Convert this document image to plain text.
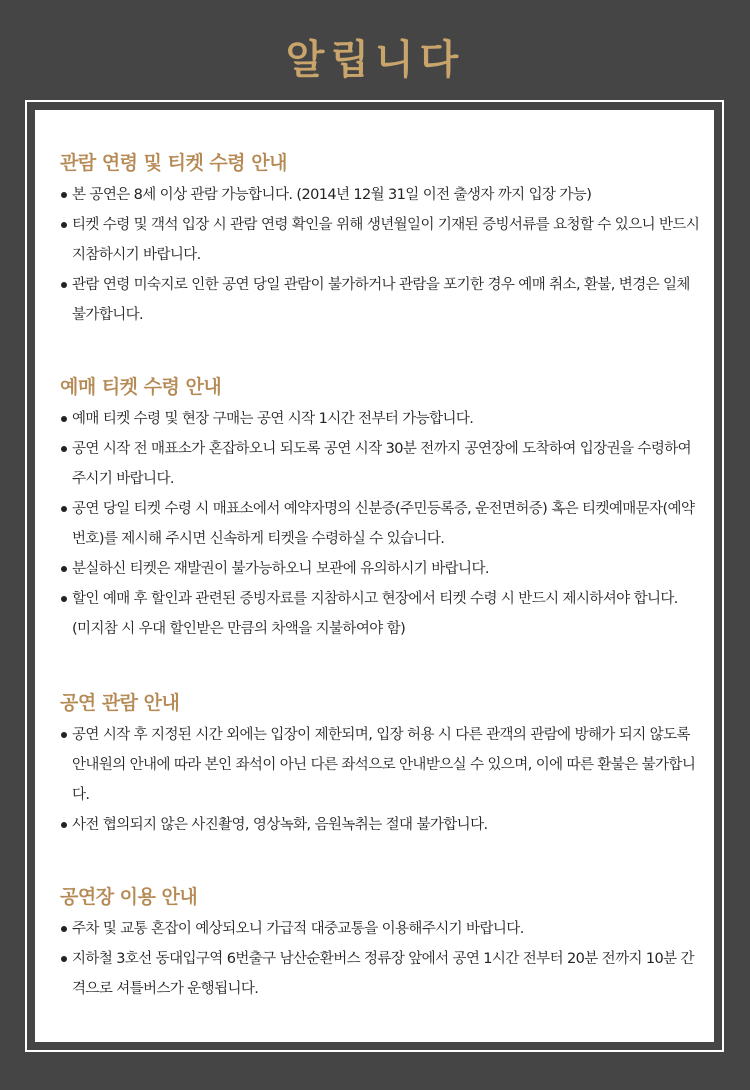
알립니다
관람 연령 및 티켓 수령 안내
본 공연은 8세 이상 관람 가능합니다. (2014년 12월 31일 이전 출생자 까지 입장 가능)
티켓 수령 및 객석 입장 시 관람 연령 확인을 위해 생년월일이 기재된 증빙서류를 요청할 수 있으니 반드시 지참하시기 바랍니다.
관람 연령 미숙지로 인한 공연 당일 관람이 불가하거나 관람을 포기한 경우 예매 취소, 환불, 변경은 일체 불가합니다.
예매 티켓 수령 안내
예매 티켓 수령 및 현장 구매는 공연 시작 1시간 전부터 가능합니다.
공연 시작 전 매표소가 혼잡하오니 되도록 공연 시작 30분 전까지 공연장에 도착하여 입장권을 수령하여 주시기 바랍니다.
공연 당일 티켓 수령 시 매표소에서 예약자명의 신분증(주민등록증, 운전면허증) 혹은 티켓예매문자(예약번호)를 제시해 주시면 신속하게 티켓을 수령하실 수 있습니다.
분실하신 티켓은 재발권이 불가능하오니 보관에 유의하시기 바랍니다.
할인 예매 후 할인과 관련된 증빙자료를 지참하시고 현장에서 티켓 수령 시 반드시 제시하셔야 합니다. (미지참 시 우대 할인받은 만큼의 차액을 지불하여야 함)
공연 관람 안내
공연 시작 후 지정된 시간 외에는 입장이 제한되며, 입장 허용 시 다른 관객의 관람에 방해가 되지 않도록 안내원의 안내에 따라 본인 좌석이 아닌 다른 좌석으로 안내받으실 수 있으며, 이에 따른 환불은 불가합니다.
사전 협의되지 않은 사진촬영, 영상녹화, 음원녹취는 절대 불가합니다.
공연장 이용 안내
주차 및 교통 혼잡이 예상되오니 가급적 대중교통을 이용해주시기 바랍니다.
지하철 3호선 동대입구역 6번출구 남산순환버스 정류장 앞에서 공연 1시간 전부터 20분 전까지 10분 간격으로 셔틀버스가 운행됩니다.
